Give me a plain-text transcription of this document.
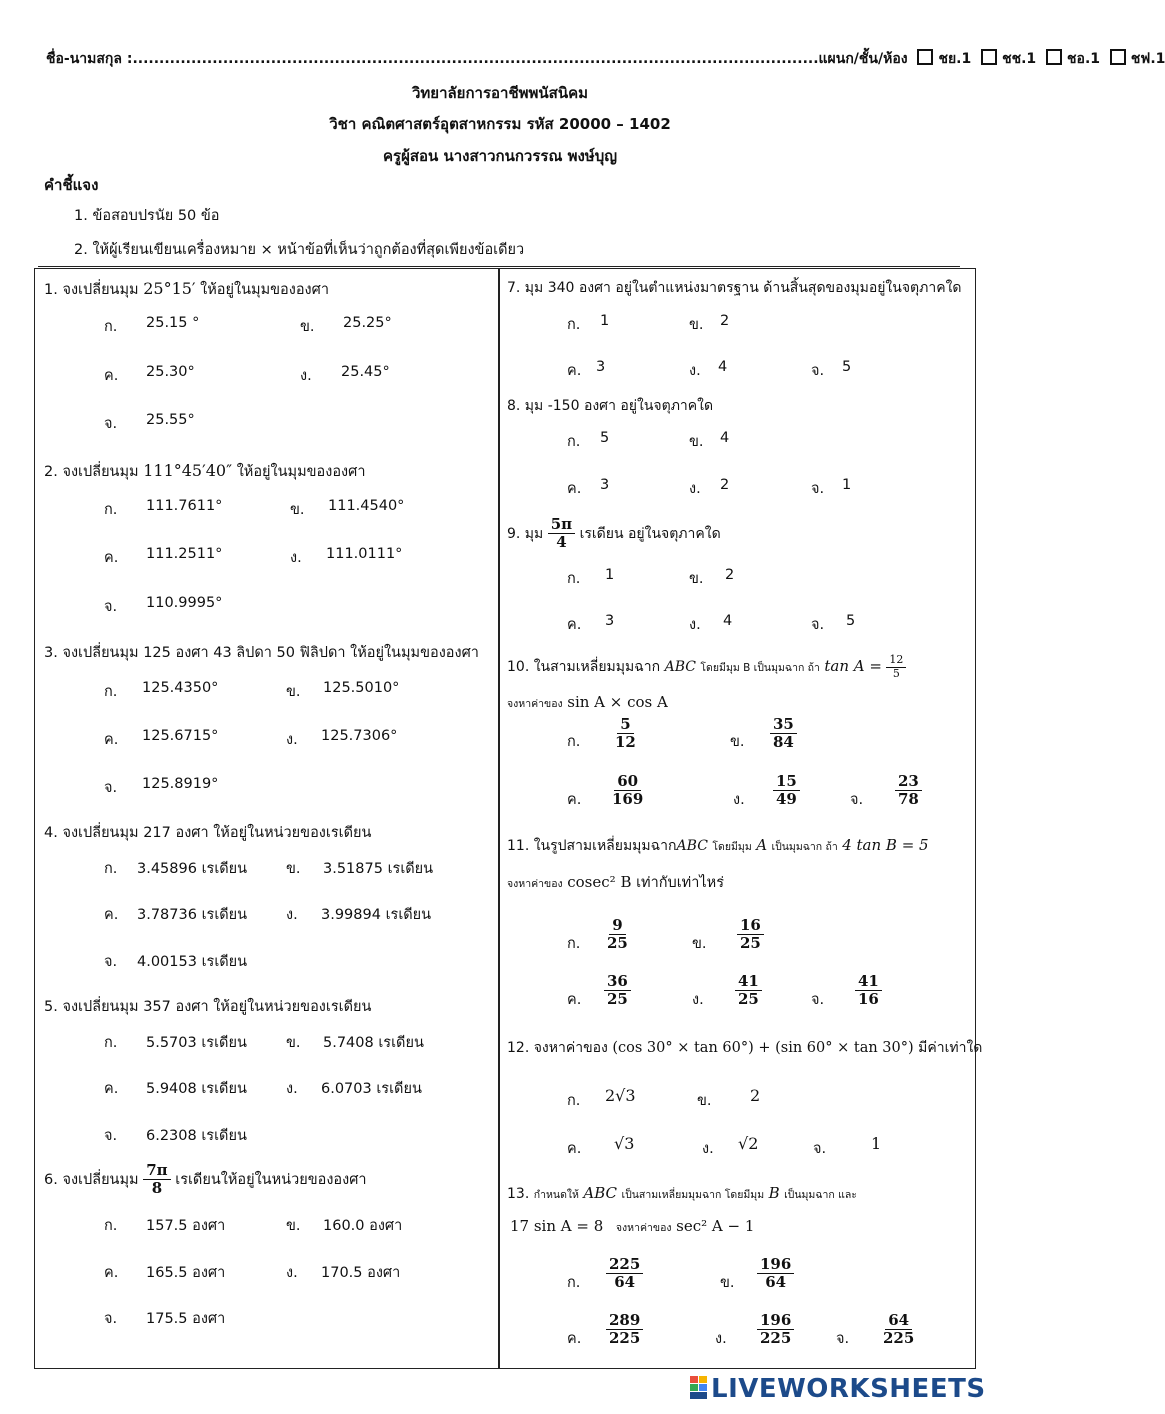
ชื่อ-นามสกุล :.................................................................................................................................แผนก/ชั้น/ห้อง ชย.1 ชช.1 ชอ.1 ชฟ.1
วิทยาลัยการอาชีพพนัสนิคม
วิชา คณิตศาสตร์อุตสาหกรรม รหัส 20000 – 1402
ครูผู้สอน นางสาวกนกวรรณ พงษ์บุญ
คำชี้แจง
1. ข้อสอบปรนัย 50 ข้อ
2. ให้ผู้เรียนเขียนเครื่องหมาย × หน้าข้อที่เห็นว่าถูกต้องที่สุดเพียงข้อเดียว
1. จงเปลี่ยนมุม 25°15′ ให้อยู่ในมุมขององศา
ก. 25.15 °	ข. 25.25°
ค. 25.30°	ง. 25.45°
จ. 25.55°
2. จงเปลี่ยนมุม 111°45′40″ ให้อยู่ในมุมขององศา
ก. 111.7611°	ข. 111.4540°
ค. 111.2511°	ง. 111.0111°
จ. 110.9995°
3. จงเปลี่ยนมุม 125 องศา 43 ลิปดา 50 ฟิลิปดา ให้อยู่ในมุมขององศา
ก. 125.4350°	ข. 125.5010°
ค. 125.6715°	ง. 125.7306°
จ. 125.8919°
4. จงเปลี่ยนมุม 217 องศา ให้อยู่ในหน่วยของเรเดียน
ก. 3.45896 เรเดียน	ข. 3.51875 เรเดียน
ค. 3.78736 เรเดียน	ง. 3.99894 เรเดียน
จ. 4.00153 เรเดียน
5. จงเปลี่ยนมุม 357 องศา ให้อยู่ในหน่วยของเรเดียน
ก. 5.5703 เรเดียน	ข. 5.7408 เรเดียน
ค. 5.9408 เรเดียน	ง. 6.0703 เรเดียน
จ. 6.2308 เรเดียน
6. จงเปลี่ยนมุม $\frac{7\pi}{8}$ เรเดียนให้อยู่ในหน่วยขององศา
ก. 157.5 องศา	ข. 160.0 องศา
ค. 165.5 องศา	ง. 170.5 องศา
จ. 175.5 องศา
7. มุม 340 องศา อยู่ในตำแหน่งมาตรฐาน ด้านสิ้นสุดของมุมอยู่ในจตุภาคใด
ก. 1	ข. 2
ค. 3	ง. 4	จ. 5
8. มุม -150 องศา อยู่ในจตุภาคใด
ก. 5	ข. 4
ค. 3	ง. 2	จ. 1
9. มุม $\frac{5\pi}{4}$ เรเดียน อยู่ในจตุภาคใด
ก. 1	ข. 2
ค. 3	ง. 4	จ. 5
10. ในสามเหลี่ยมมุมฉาก ABC โดยมีมุม B เป็นมุมฉาก ถ้า $\tan A = \frac{12}{5}$
จงหาค่าของ sin A × cos A
ก. $\frac{5}{12}$	ข. $\frac{35}{84}$
ค. $\frac{60}{169}$	ง. $\frac{15}{49}$	จ. $\frac{23}{78}$
11. ในรูปสามเหลี่ยมมุมฉากABC โดยมีมุม A เป็นมุมฉาก ถ้า 4 tan B = 5
จงหาค่าของ cosec² B เท่ากับเท่าไหร่
ก. $\frac{9}{25}$	ข. $\frac{16}{25}$
ค. $\frac{36}{25}$	ง. $\frac{41}{25}$	จ. $\frac{41}{16}$
12. จงหาค่าของ (cos 30° × tan 60°) + (sin 60° × tan 30°) มีค่าเท่าใด
ก. 2√3	ข. 2
ค. √3	ง. √2	จ.	1
13. กำหนดให้ ABC เป็นสามเหลี่ยมมุมฉาก โดยมีมุม B เป็นมุมฉาก และ
17 sin A = 8 จงหาค่าของ sec² A − 1
ก. $\frac{225}{64}$	ข. $\frac{196}{64}$
ค. $\frac{289}{225}$	ง. $\frac{196}{225}$	จ. $\frac{64}{225}$
LIVEWORKSHEETS
